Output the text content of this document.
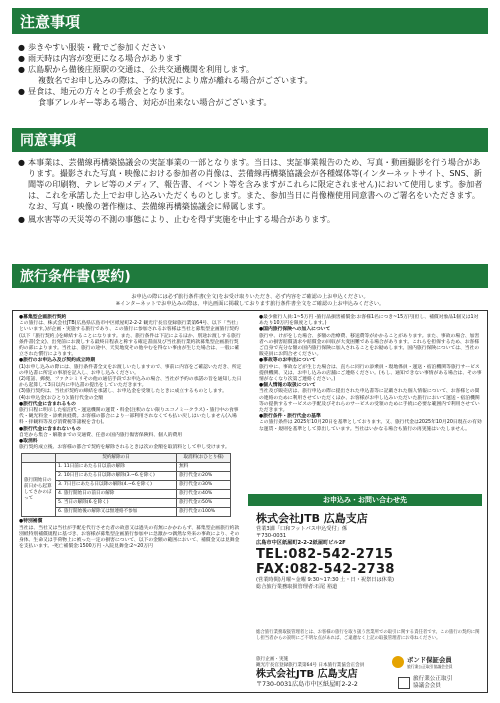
注意事項
● 歩きやすい服装・靴でご参加ください
● 雨天時は内容が変更になる場合があります
● 広島駅から備後庄原駅の交通は、公共交通機関を利用します。
複数名でお申し込みの際は、予約状況により席が離れる場合がございます。
● 昼食は、地元の方々との手煮会となります。
食事アレルギー等ある場合、対応が出来ない場合がございます。
同意事項
● 本事業は、芸備線再構築協議会の実証事業の一部となります。当日は、実証事業報告のため、写真・動画撮影を行う場合があります。撮影された写真・映像における参加者の肖像は、芸備線再構築協議会が各種媒体等(インターネットサイト、SNS、新聞等の印刷物、テレビ等のメディア、報告書、イベント等を含みますがこれらに限定されません)において使用します。参加者は、これを承諾した上でお申し込みいただくものとします。また、参加当日に肖像権使用同意書へのご署名をいただきます。なお、写真・映像の著作権は、芸備線再構築協議会に帰属します。
● 風水害等の天災等の不測の事態により、止むを得ず実施を中止する場合があります。
旅行条件書(要約)
お申込の際には必ず旅行条件書(全文)をお受け取りいただき、必ず内容をご確認の上お申込ください。
※インターネットでお申込みの際は、申込画面に掲載しております旅行条件書全文をご確認の上お申込みください。
●募集型企画旅行契約

この旅行は、株式会社JTB(広島県広島市中区紙屋町2-2-2 観光庁長官登録旅行業第64号、以下「当社」といいます。)が企画・実施する旅行であり、この旅行に参加されるお客様は当社と募集型企画旅行契約(以下「旅行契約」)を締結することになります。また、旅行条件は下記によるほか、別途お渡しする旅行条件書(全文)、出発前にお渡しする最終日程表と称する確定書面及び当社旅行業約款募集型企画旅行契約の部によります。当社は、旅行の途中、天災地変その他やむを得ない事由が生じた場合は、一般に確立された慣行によります。

●旅行のお申込み及び契約成立時期

(1)お申し込みの際には、旅行条件書全文をお渡しいたしますので、事前に内容をご確認いただき、所定の申込書に所定の事項を記入し、お申し込みください。

(2)電話、郵便、ファクシミリその他の通信手段でお申込みの場合、当社が予約の承諾の旨を通知した日から起算して3日以内に申込書の提出をしていただきます。

(3)旅行契約は、当社が契約の締結を承諾し、お申込金を受領したときに成立するものとします。

(4)お申込金(おひとり):旅行代金の全額

●旅行代金に含まれるもの

旅行日程に明示した宿泊代・運送機関の運賃・料金(注釈のない限りエコノミークラス)・旅行中の食事代・観光料金・添乗員経費。お客様の都合により一部利用されなくても払い戻しはいたしません(入場料・拝観料等及び消費税等諸税を含む)。

●旅行代金に含まれないもの

自宅から集合・解散までの交通費、任意の国内旅行傷害保険料、個人的費用

●取消料

旅行契約成立後、お客様の都合で契約を解除されるときは次の金額を取消料として申し受けます。

	契約解除の日	取消料(おひとり様)
旅行開始日の前日から起算してさかのぼって	1. 11日前にあたる日以前の解除	無料
	2. 10日目にあたる日以降の解除(3.~6.を除く)	旅行代金の20%
	3. 7日目にあたる日以降の解除(4.~6.を除く)	旅行代金の30%
	4. 旅行開始日の前日の解除	旅行代金の40%
	5. 当日の解除(6.を除く)	旅行代金の50%
	6. 旅行開始後の解除又は無連絡不参加	旅行代金の100%
●特別補償

当社は、当社又は当社が手配を代行させた者の故意又は過失の有無にかかわらず、募集型企画旅行約款別紙特別補償規程に基づき、お客様が募集型企画旅行参加中に急激かつ偶然な外来の事故により、その身体、生命又は手荷物上に被った一定の損害について、以下の金額の範囲において、補償金又は見舞金を支払います。-死亡補償金:1500万円 -入院見舞金:2~20万円

●最少催行人員:1~5万円 -旅行品損害補償金:お客様1名につき~15万円(但し、補償対象品1個又は1対あたり10万円を限度とします。)

●国内旅行保険への加入について

旅行中、けがをした場合、多額の治療費、移送費等がかかることがあります。また、事故の場合、加害者への損害賠償請求や賠償金の回収が大変困難である場合があります。これらを担保するため、お客様ご自身で充分な額の国内旅行保険に加入されることをお勧めします。国内旅行保険については、当社の販売員にお問合せください。

●事故等のお申出について

旅行中に、事故などが生じた場合は、直ちに同行の添乗員・現地係員・運送・宿泊機関等旅行サービス提供機関、又は、お申し込みの店舗にご連絡ください。(もし、通知できない事情がある場合は、その事情がなくなり次第ご連絡ください。)

●個人情報の取扱について

当社及び販売店は、旅行申込の際に提出された申込書等に記載された個人情報について、お客様との間の連絡のために利用させていただくほか、お客様がお申し込みいただいた旅行において運送・宿泊機関等の提供するサービスの手配及びそれらのサービスの受領のために手続に必要な範囲内で利用させていただきます。

●旅行条件・旅行代金の基準

この旅行条件は 2025年10月20日を基準としております。又、旅行代金は2025年10月20日現在の有効な運賃・規則を基準として算出しています。当社はいかなる場合も旅行の再実施はいたしません。

お申込み・お問い合わせ先
株式会社JTB 広島支店
営業3課「口和フットパス申込受付」係
〒730-0031
広島市中区紙屋町2-2-2紙屋町ビル2F
TEL:082-542-2715
FAX:082-542-2738
(営業時間)月曜~金曜 9:30~17:30 土・日・祝祭日は休業)
総合旅行業務取扱管理者:石尾 裕道
総合旅行業務取扱管理者とは、お客様の旅行を取り扱う営業所での取引に関する責任者です。この旅行の契約に関し担当者からの説明にご不明な点があれば、ご遠慮なく上記の取扱管理者にお尋ねください。
旅行企画・実施
観光庁長官登録旅行業第64号 日本旅行業協会正会員
株式会社JTB 広島支店
〒730-0031広島市中区紙屋町2-2-2
ボンド保証会員
旅行業公正取引協議会会員
旅行業公正取引
協議会会員
